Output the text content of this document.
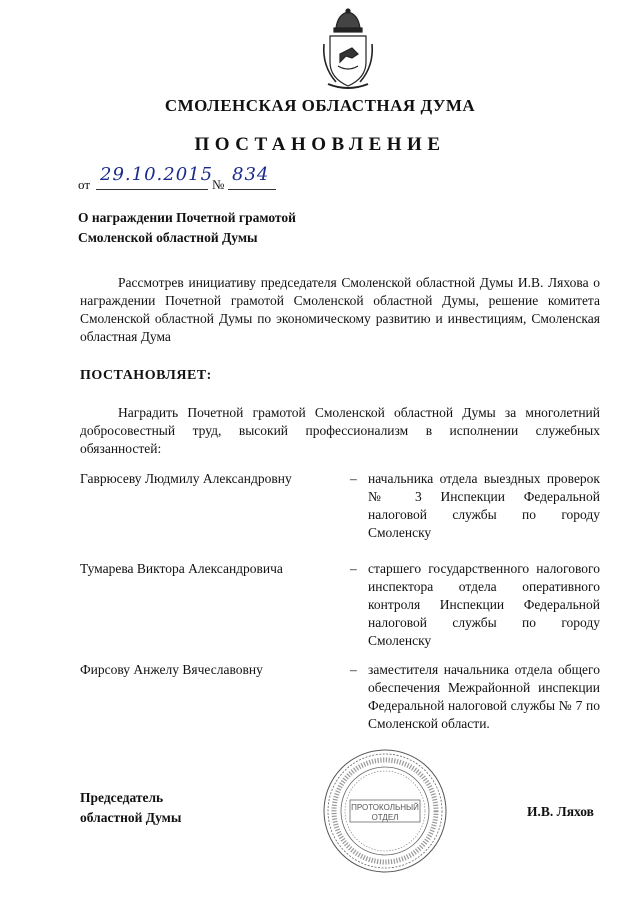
СМОЛЕНСКАЯ ОБЛАСТНАЯ ДУМА
ПОСТАНОВЛЕНИЕ
от 29.10.2015
№ 834
О награждении Почетной грамотой
Смоленской областной Думы
Рассмотрев инициативу председателя Смоленской областной Думы И.В. Ляхова о награждении Почетной грамотой Смоленской областной Думы, решение комитета Смоленской областной Думы по экономическому развитию и инвестициям, Смоленская областная Дума
ПОСТАНОВЛЯЕТ:
Наградить Почетной грамотой Смоленской областной Думы за многолетний добросовестный труд, высокий профессионализм в исполнении служебных обязанностей:
Гаврюсеву Людмилу Александровну	– начальника отдела выездных проверок № 3 Инспекции Федеральной налоговой службы по городу Смоленску
Тумарева Виктора Александровича	– старшего государственного налогового инспектора отдела оперативного контроля Инспекции Федеральной налоговой службы по городу Смоленску
Фирсову Анжелу Вячеславовну	– заместителя начальника отдела общего обеспечения Межрайонной инспекции Федеральной налоговой службы № 7 по Смоленской области.
Председатель
областной Думы	И.В. Ляхов
ПРОТОКОЛЬНЫЙ
ОТДЕЛ
